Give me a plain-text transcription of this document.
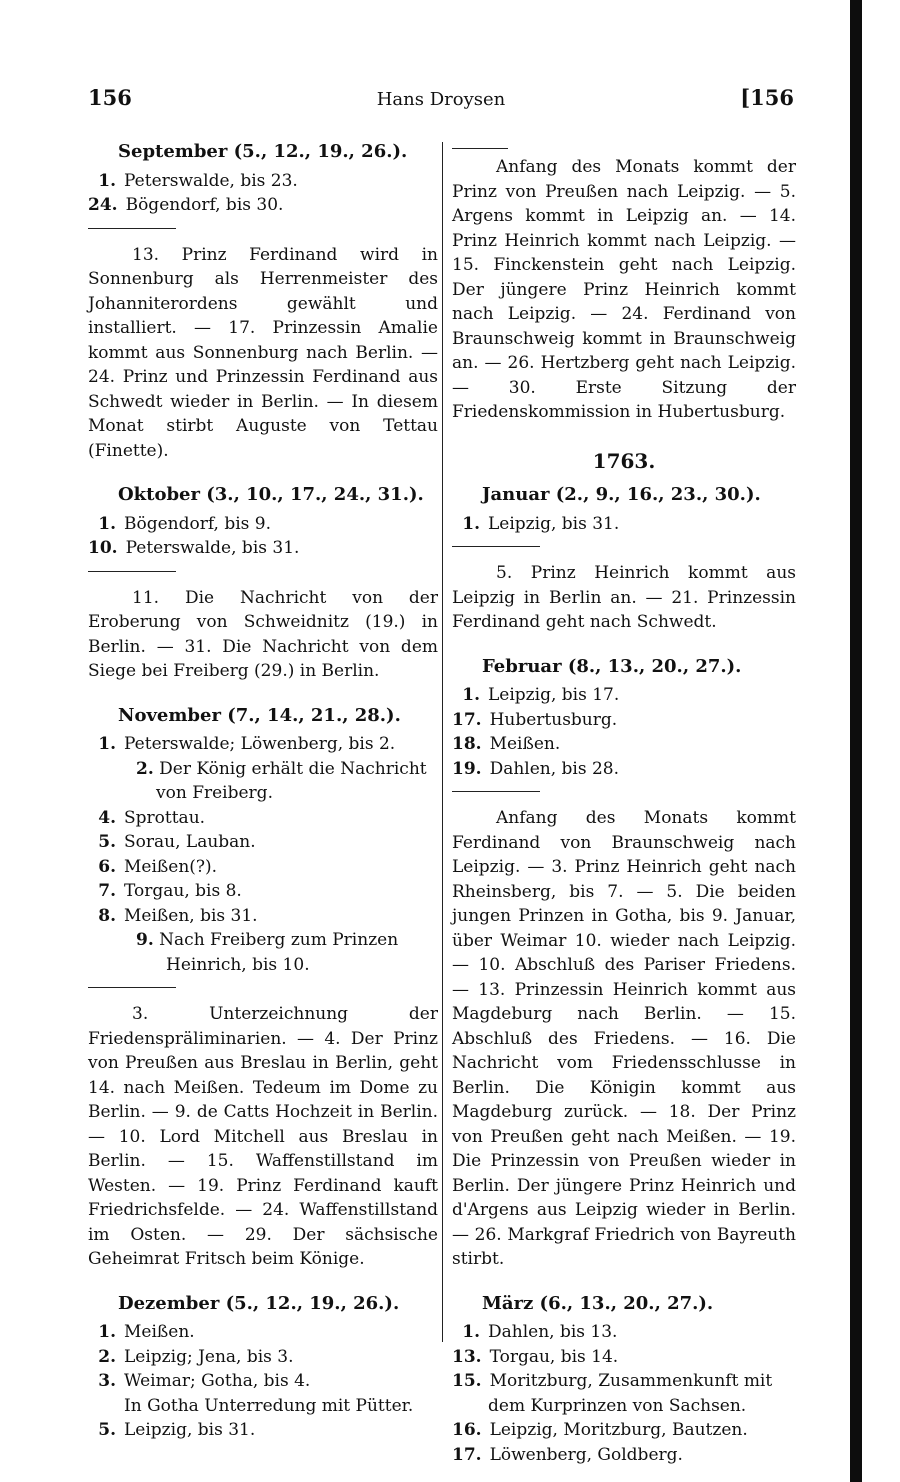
156	Hans Droysen	[156
September (5., 12., 19., 26.).
1. Peterswalde, bis 23.
24. Bögendorf, bis 30.

13. Prinz Ferdinand wird in Sonnenburg als Herrenmeister des Johanniterordens gewählt und installiert. — 17. Prinzessin Amalie kommt aus Sonnenburg nach Berlin. — 24. Prinz und Prinzessin Ferdinand aus Schwedt wieder in Berlin. — In diesem Monat stirbt Auguste von Tettau (Finette).

Oktober (3., 10., 17., 24., 31.).
1. Bögendorf, bis 9.
10. Peterswalde, bis 31.

11. Die Nachricht von der Eroberung von Schweidnitz (19.) in Berlin. — 31. Die Nachricht von dem Siege bei Freiberg (29.) in Berlin.

November (7., 14., 21., 28.).
1. Peterswalde; Löwenberg, bis 2.
2. Der König erhält die Nachricht
von Freiberg.
4. Sprottau.
5. Sorau, Lauban.
6. Meißen(?).
7. Torgau, bis 8.
8. Meißen, bis 31.
9. Nach Freiberg zum Prinzen
Heinrich, bis 10.

3. Unterzeichnung der Friedenspräliminarien. — 4. Der Prinz von Preußen aus Breslau in Berlin, geht 14. nach Meißen. Tedeum im Dome zu Berlin. — 9. de Catts Hochzeit in Berlin. — 10. Lord Mitchell aus Breslau in Berlin. — 15. Waffenstillstand im Westen. — 19. Prinz Ferdinand kauft Friedrichsfelde. — 24. Waffenstillstand im Osten. — 29. Der sächsische Geheimrat Fritsch beim Könige.

Dezember (5., 12., 19., 26.).
1. Meißen.
2. Leipzig; Jena, bis 3.
3. Weimar; Gotha, bis 4.
In Gotha Unterredung mit Pütter.
5. Leipzig, bis 31.

Anfang des Monats kommt der Prinz von Preußen nach Leipzig. — 5. Argens kommt in Leipzig an. — 14. Prinz Heinrich kommt nach Leipzig. — 15. Finckenstein geht nach Leipzig. Der jüngere Prinz Heinrich kommt nach Leipzig. — 24. Ferdinand von Braunschweig kommt in Braunschweig an. — 26. Hertzberg geht nach Leipzig. — 30. Erste Sitzung der Friedenskommission in Hubertusburg.

1763.
Januar (2., 9., 16., 23., 30.).
1. Leipzig, bis 31.

5. Prinz Heinrich kommt aus Leipzig in Berlin an. — 21. Prinzessin Ferdinand geht nach Schwedt.

Februar (8., 13., 20., 27.).
1. Leipzig, bis 17.
17. Hubertusburg.
18. Meißen.
19. Dahlen, bis 28.

Anfang des Monats kommt Ferdinand von Braunschweig nach Leipzig. — 3. Prinz Heinrich geht nach Rheinsberg, bis 7. — 5. Die beiden jungen Prinzen in Gotha, bis 9. Januar, über Weimar 10. wieder nach Leipzig. — 10. Abschluß des Pariser Friedens. — 13. Prinzessin Heinrich kommt aus Magdeburg nach Berlin. — 15. Abschluß des Friedens. — 16. Die Nachricht vom Friedensschlusse in Berlin. Die Königin kommt aus Magdeburg zurück. — 18. Der Prinz von Preußen geht nach Meißen. — 19. Die Prinzessin von Preußen wieder in Berlin. Der jüngere Prinz Heinrich und d'Argens aus Leipzig wieder in Berlin. — 26. Markgraf Friedrich von Bayreuth stirbt.

März (6., 13., 20., 27.).
1. Dahlen, bis 13.
13. Torgau, bis 14.
15. Moritzburg, Zusammenkunft mit
dem Kurprinzen von Sachsen.
16. Leipzig, Moritzburg, Bautzen.
17. Löwenberg, Goldberg.
